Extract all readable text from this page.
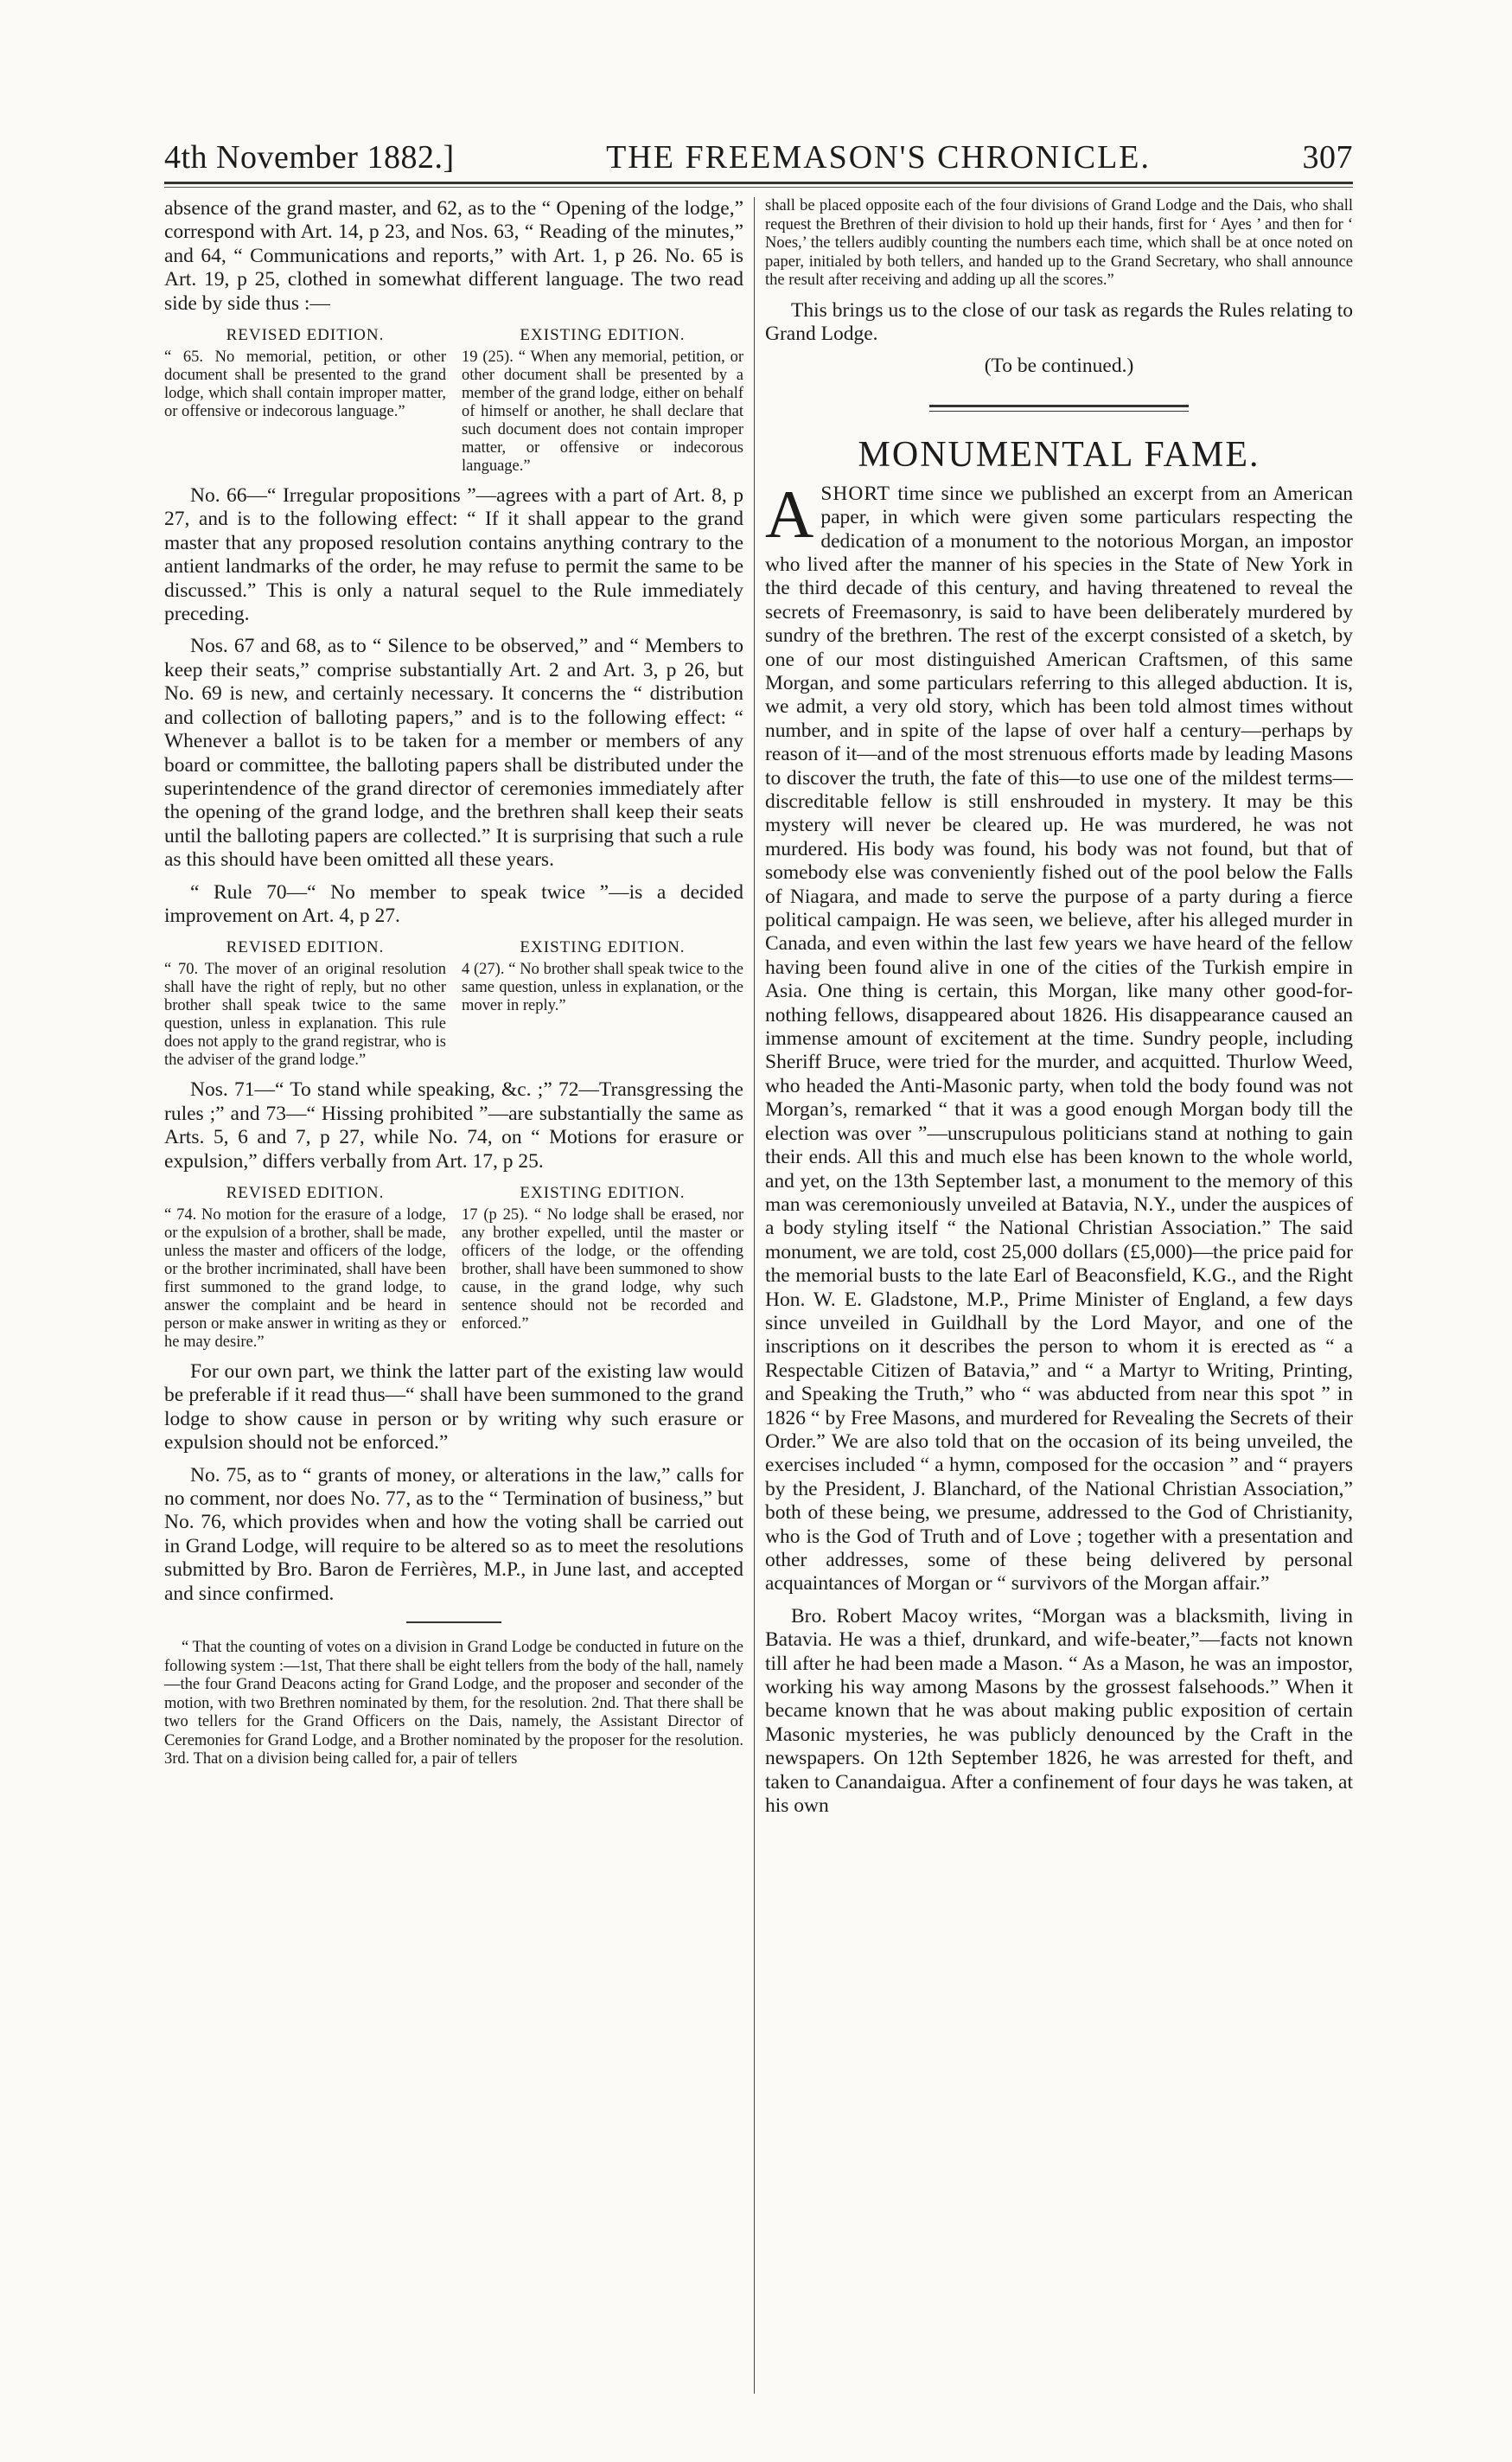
4th November 1882.]	THE FREEMASON'S CHRONICLE.	307

absence of the grand master, and 62, as to the “ Opening of the lodge,” correspond with Art. 14, p 23, and Nos. 63, “ Reading of the minutes,” and 64, “ Communications and reports,” with Art. 1, p 26. No. 65 is Art. 19, p 25, clothed in somewhat different language. The two read side by side thus :—

REVISED EDITION.

“ 65. No memorial, petition, or other document shall be presented to the grand lodge, which shall contain improper matter, or offensive or indecorous language.”

EXISTING EDITION.

19 (25). “ When any memorial, petition, or other document shall be presented by a member of the grand lodge, either on behalf of himself or another, he shall declare that such document does not contain improper matter, or offensive or indecorous language.”

No. 66—“ Irregular propositions ”—agrees with a part of Art. 8, p 27, and is to the following effect: “ If it shall appear to the grand master that any proposed resolution contains anything contrary to the antient landmarks of the order, he may refuse to permit the same to be discussed.” This is only a natural sequel to the Rule immediately preceding.

Nos. 67 and 68, as to “ Silence to be observed,” and “ Members to keep their seats,” comprise substantially Art. 2 and Art. 3, p 26, but No. 69 is new, and certainly necessary. It concerns the “ distribution and collection of balloting papers,” and is to the following effect: “ Whenever a ballot is to be taken for a member or members of any board or committee, the balloting papers shall be distributed under the superintendence of the grand director of ceremonies immediately after the opening of the grand lodge, and the brethren shall keep their seats until the balloting papers are collected.” It is surprising that such a rule as this should have been omitted all these years.

“ Rule 70—“ No member to speak twice ”—is a decided improvement on Art. 4, p 27.

REVISED EDITION.

“ 70. The mover of an original resolution shall have the right of reply, but no other brother shall speak twice to the same question, unless in explanation. This rule does not apply to the grand registrar, who is the adviser of the grand lodge.”

EXISTING EDITION.

4 (27). “ No brother shall speak twice to the same question, unless in explanation, or the mover in reply.”

Nos. 71—“ To stand while speaking, &c. ;” 72—Transgressing the rules ;” and 73—“ Hissing prohibited ”—are substantially the same as Arts. 5, 6 and 7, p 27, while No. 74, on “ Motions for erasure or expulsion,” differs verbally from Art. 17, p 25.

REVISED EDITION.

“ 74. No motion for the erasure of a lodge, or the expulsion of a brother, shall be made, unless the master and officers of the lodge, or the brother incriminated, shall have been first summoned to the grand lodge, to answer the complaint and be heard in person or make answer in writing as they or he may desire.”

EXISTING EDITION.

17 (p 25). “ No lodge shall be erased, nor any brother expelled, until the master or officers of the lodge, or the offending brother, shall have been summoned to show cause, in the grand lodge, why such sentence should not be recorded and enforced.”

For our own part, we think the latter part of the existing law would be preferable if it read thus—“ shall have been summoned to the grand lodge to show cause in person or by writing why such erasure or expulsion should not be enforced.”

No. 75, as to “ grants of money, or alterations in the law,” calls for no comment, nor does No. 77, as to the “ Termination of business,” but No. 76, which provides when and how the voting shall be carried out in Grand Lodge, will require to be altered so as to meet the resolutions submitted by Bro. Baron de Ferrières, M.P., in June last, and accepted and since confirmed.

“ That the counting of votes on a division in Grand Lodge be conducted in future on the following system :—1st, That there shall be eight tellers from the body of the hall, namely—the four Grand Deacons acting for Grand Lodge, and the proposer and seconder of the motion, with two Brethren nominated by them, for the resolution. 2nd. That there shall be two tellers for the Grand Officers on the Dais, namely, the Assistant Director of Ceremonies for Grand Lodge, and a Brother nominated by the proposer for the resolution. 3rd. That on a division being called for, a pair of tellers

shall be placed opposite each of the four divisions of Grand Lodge and the Dais, who shall request the Brethren of their division to hold up their hands, first for ‘ Ayes ’ and then for ‘ Noes,’ the tellers audibly counting the numbers each time, which shall be at once noted on paper, initialed by both tellers, and handed up to the Grand Secretary, who shall announce the result after receiving and adding up all the scores.”

This brings us to the close of our task as regards the Rules relating to Grand Lodge.

(To be continued.)

MONUMENTAL FAME.

ASHORT time since we published an excerpt from an American paper, in which were given some particulars respecting the dedication of a monument to the notorious Morgan, an impostor who lived after the manner of his species in the State of New York in the third decade of this century, and having threatened to reveal the secrets of Freemasonry, is said to have been deliberately murdered by sundry of the brethren. The rest of the excerpt consisted of a sketch, by one of our most distinguished American Craftsmen, of this same Morgan, and some particulars referring to this alleged abduction. It is, we admit, a very old story, which has been told almost times without number, and in spite of the lapse of over half a century—perhaps by reason of it—and of the most strenuous efforts made by leading Masons to discover the truth, the fate of this—to use one of the mildest terms—discreditable fellow is still enshrouded in mystery. It may be this mystery will never be cleared up. He was murdered, he was not murdered. His body was found, his body was not found, but that of somebody else was conveniently fished out of the pool below the Falls of Niagara, and made to serve the purpose of a party during a fierce political campaign. He was seen, we believe, after his alleged murder in Canada, and even within the last few years we have heard of the fellow having been found alive in one of the cities of the Turkish empire in Asia. One thing is certain, this Morgan, like many other good-for-nothing fellows, disappeared about 1826. His disappearance caused an immense amount of excitement at the time. Sundry people, including Sheriff Bruce, were tried for the murder, and acquitted. Thurlow Weed, who headed the Anti-Masonic party, when told the body found was not Morgan’s, remarked “ that it was a good enough Morgan body till the election was over ”—unscrupulous politicians stand at nothing to gain their ends. All this and much else has been known to the whole world, and yet, on the 13th September last, a monument to the memory of this man was ceremoniously unveiled at Batavia, N.Y., under the auspices of a body styling itself “ the National Christian Association.” The said monument, we are told, cost 25,000 dollars (£5,000)—the price paid for the memorial busts to the late Earl of Beaconsfield, K.G., and the Right Hon. W. E. Gladstone, M.P., Prime Minister of England, a few days since unveiled in Guildhall by the Lord Mayor, and one of the inscriptions on it describes the person to whom it is erected as “ a Respectable Citizen of Batavia,” and “ a Martyr to Writing, Printing, and Speaking the Truth,” who “ was abducted from near this spot ” in 1826 “ by Free Masons, and murdered for Revealing the Secrets of their Order.” We are also told that on the occasion of its being unveiled, the exercises included “ a hymn, composed for the occasion ” and “ prayers by the President, J. Blanchard, of the National Christian Association,” both of these being, we presume, addressed to the God of Christianity, who is the God of Truth and of Love ; together with a presentation and other addresses, some of these being delivered by personal acquaintances of Morgan or “ survivors of the Morgan affair.”

Bro. Robert Macoy writes, “Morgan was a blacksmith, living in Batavia. He was a thief, drunkard, and wife-beater,”—facts not known till after he had been made a Mason. “ As a Mason, he was an impostor, working his way among Masons by the grossest falsehoods.” When it became known that he was about making public exposition of certain Masonic mysteries, he was publicly denounced by the Craft in the newspapers. On 12th September 1826, he was arrested for theft, and taken to Canandaigua. After a confinement of four days he was taken, at his own
